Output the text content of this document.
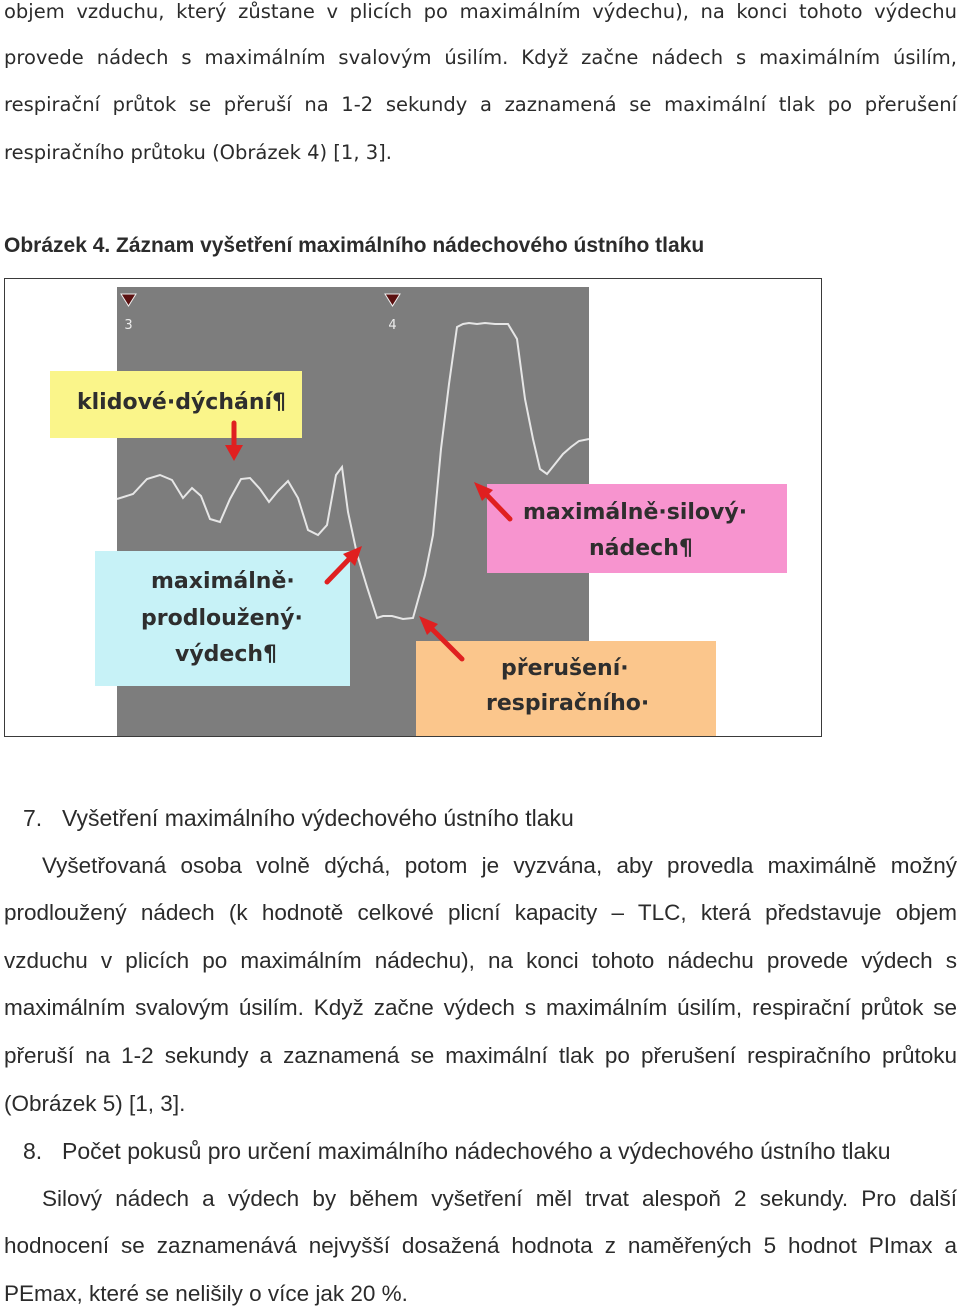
objem vzduchu, který zůstane v plicích po maximálním výdechu), na konci tohoto výdechu
provede nádech s maximálním svalovým úsilím. Když začne nádech s maximálním úsilím,
respirační průtok se přeruší na 1-2 sekundy a zaznamená se maximální tlak po přerušení
respiračního průtoku (Obrázek 4) [1, 3].
Obrázek 4. Záznam vyšetření maximálního nádechového ústního tlaku
3	4
klidové·dýchání¶
maximálně·silový·
nádech¶
maximálně·
prodloužený·
výdech¶
přerušení·
respiračního·
7. Vyšetření maximálního výdechového ústního tlaku
Vyšetřovaná osoba volně dýchá, potom je vyzvána, aby provedla maximálně možný
prodloužený nádech (k hodnotě celkové plicní kapacity – TLC, která představuje objem
vzduchu v plicích po maximálním nádechu), na konci tohoto nádechu provede výdech s
maximálním svalovým úsilím. Když začne výdech s maximálním úsilím, respirační průtok se
přeruší na 1-2 sekundy a zaznamená se maximální tlak po přerušení respiračního průtoku
(Obrázek 5) [1, 3].
8. Počet pokusů pro určení maximálního nádechového a výdechového ústního tlaku
Silový nádech a výdech by během vyšetření měl trvat alespoň 2 sekundy. Pro další
hodnocení se zaznamenává nejvyšší dosažená hodnota z naměřených 5 hodnot PImax a
PEmax, které se nelišily o více jak 20 %.
